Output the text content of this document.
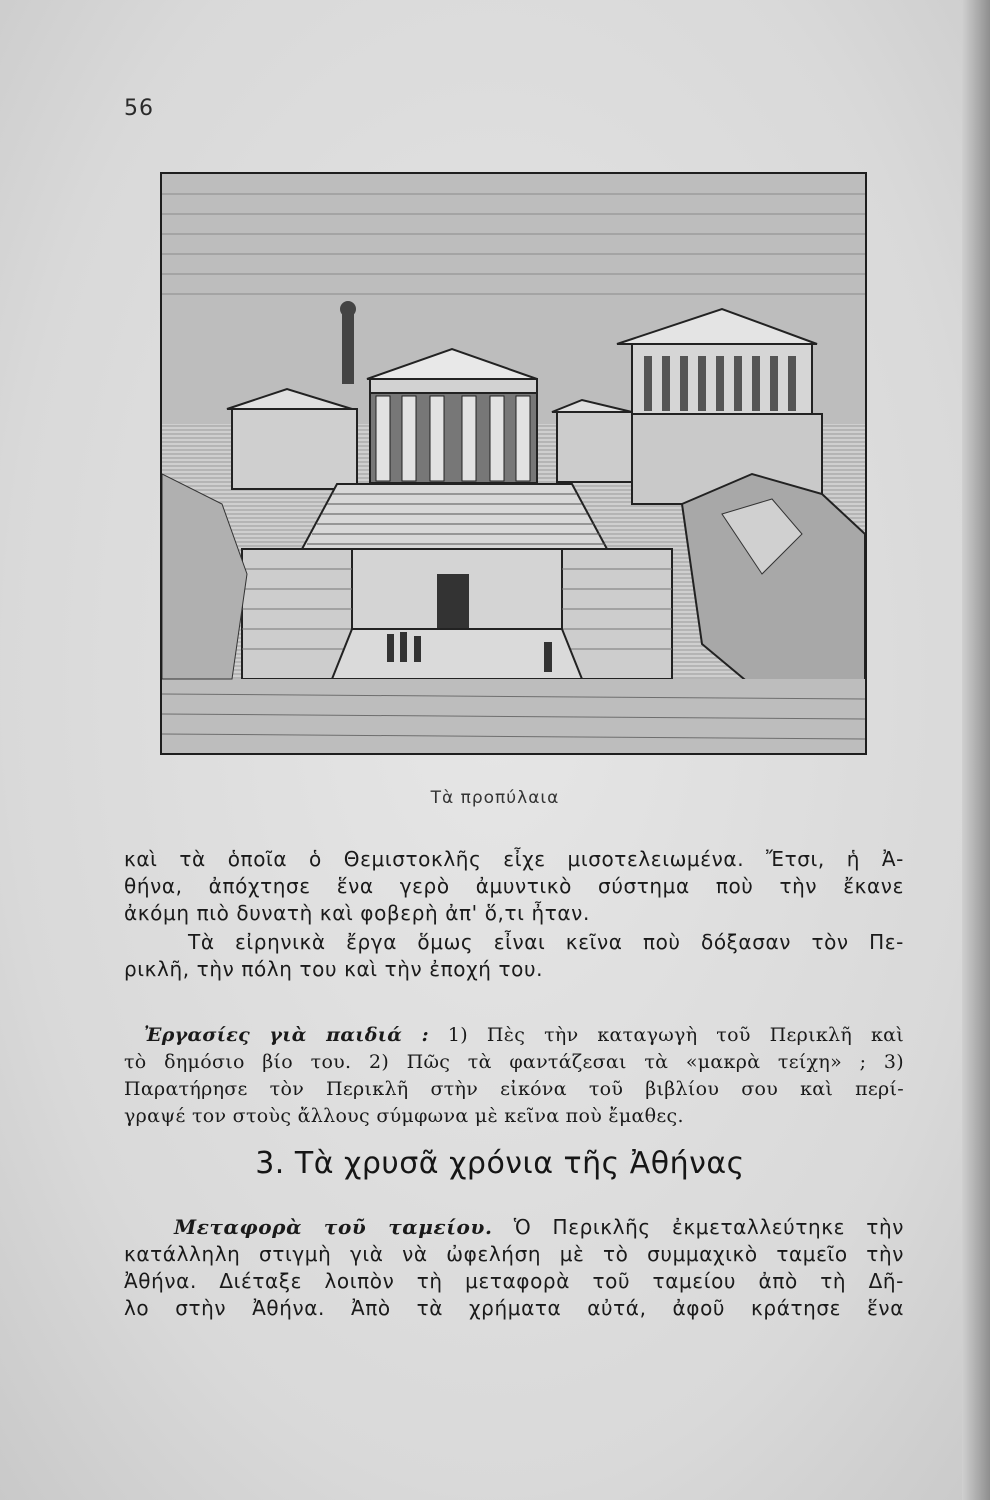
56
Τὰ προπύλαια
καὶ τὰ ὁποῖα ὁ Θεμιστοκλῆς εἶχε μισοτελειωμένα. Ἔτσι, ἡ Ἀ-
θήνα, ἀπόχτησε ἕνα γερὸ ἀμυντικὸ σύστημα ποὺ τὴν ἔκανε
ἀκόμη πιὸ δυνατὴ καὶ φοβερὴ ἀπ' ὅ,τι ἦταν.
Τὰ εἰρηνικὰ ἔργα ὅμως εἶναι κεῖνα ποὺ δόξασαν τὸν Πε-
ρικλῆ, τὴν πόλη του καὶ τὴν ἐποχή του.
Ἐργασίες γιὰ παιδιά : 1) Πὲς τὴν καταγωγὴ τοῦ Περικλῆ καὶ
τὸ δημόσιο βίο του. 2) Πῶς τὰ φαντάζεσαι τὰ «μακρὰ τείχη» ; 3)
Παρατήρησε τὸν Περικλῆ στὴν εἰκόνα τοῦ βιβλίου σου καὶ περί-
γραψέ τον στοὺς ἄλλους σύμφωνα μὲ κεῖνα ποὺ ἔμαθες.
3. Τὰ χρυσᾶ χρόνια τῆς Ἀθήνας
Μεταφορὰ τοῦ ταμείου. Ὁ Περικλῆς ἐκμεταλλεύτηκε τὴν
κατάλληλη στιγμὴ γιὰ νὰ ὠφελήση μὲ τὸ συμμαχικὸ ταμεῖο τὴν
Ἀθήνα. Διέταξε λοιπὸν τὴ μεταφορὰ τοῦ ταμείου ἀπὸ τὴ Δῆ-
λο στὴν Ἀθήνα. Ἀπὸ τὰ χρήματα αὐτά, ἀφοῦ κράτησε ἕνα
